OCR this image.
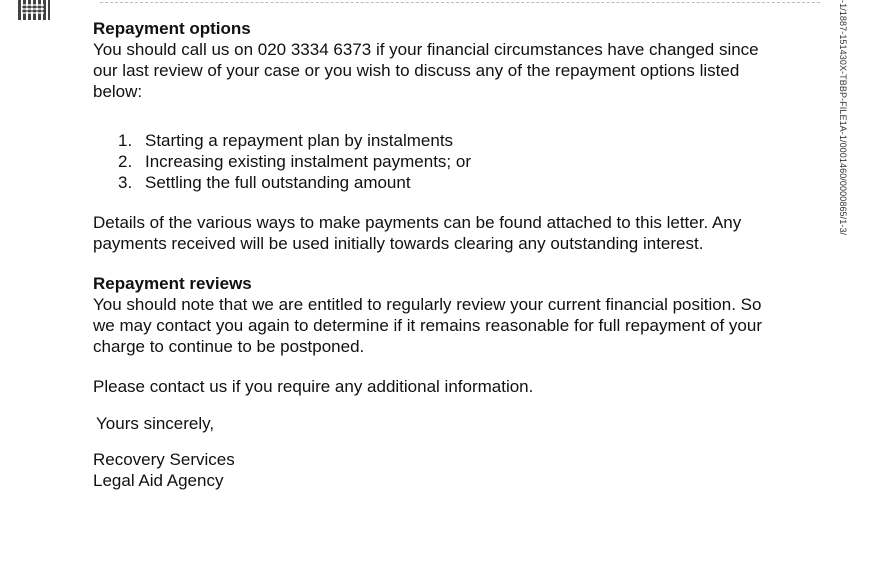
-1/1887-151430X-TBBP-FILE1A-1/0001460/0000865/1-3/

Repayment options

You should call us on 020 3334 6373 if your financial circumstances have changed since our last review of your case or you wish to discuss any of the repayment options listed below:

1. Starting a repayment plan by instalments
2. Increasing existing instalment payments; or
3. Settling the full outstanding amount

Details of the various ways to make payments can be found attached to this letter. Any payments received will be used initially towards clearing any outstanding interest.

Repayment reviews

You should note that we are entitled to regularly review your current financial position. So we may contact you again to determine if it remains reasonable for full repayment of your charge to continue to be postponed.

Please contact us if you require any additional information.

Yours sincerely,

Recovery Services

Legal Aid Agency
